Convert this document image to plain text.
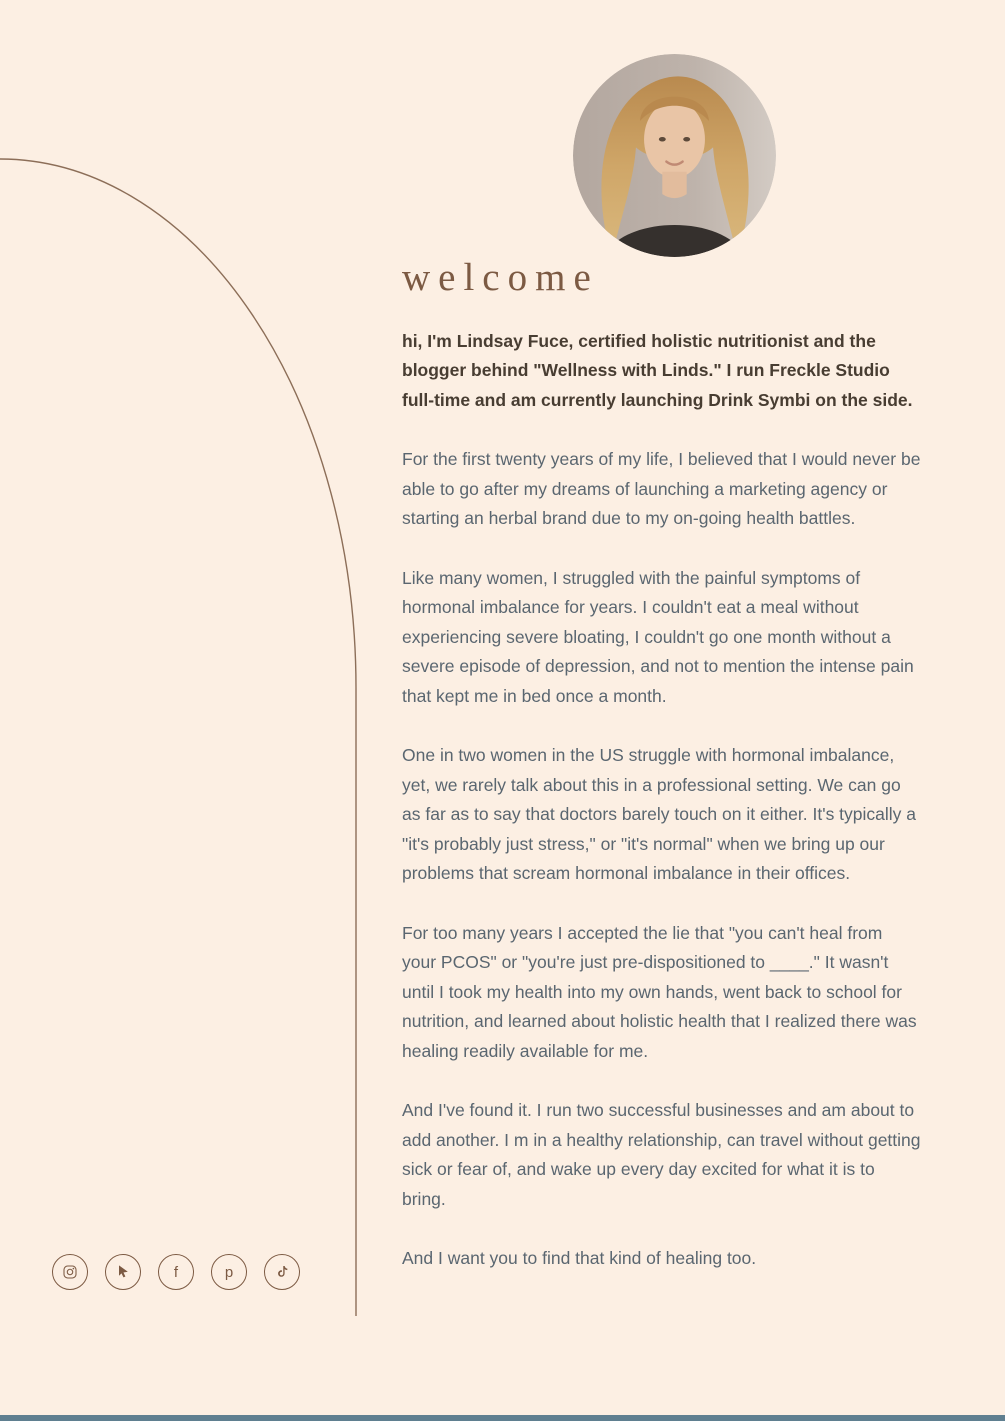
welcome

hi, I'm Lindsay Fuce, certified holistic nutritionist and the blogger behind "Wellness with Linds." I run Freckle Studio full-time and am currently launching Drink Symbi on the side.

For the first twenty years of my life, I believed that I would never be able to go after my dreams of launching a marketing agency or starting an herbal brand due to my on-going health battles.

Like many women, I struggled with the painful symptoms of hormonal imbalance for years. I couldn't eat a meal without experiencing severe bloating, I couldn't go one month without a severe episode of depression, and not to mention the intense pain that kept me in bed once a month.

One in two women in the US struggle with hormonal imbalance, yet, we rarely talk about this in a professional setting. We can go as far as to say that doctors barely touch on it either. It's typically a "it's probably just stress," or "it's normal" when we bring up our problems that scream hormonal imbalance in their offices.

For too many years I accepted the lie that "you can't heal from your PCOS" or "you're just pre-dispositioned to ____." It wasn't until I took my health into my own hands, went back to school for nutrition, and learned about holistic health that I realized there was healing readily available for me.

And I've found it. I run two successful businesses and am about to add another. I m in a healthy relationship, can travel without getting sick or fear of, and wake up every day excited for what it is to bring.

And I want you to find that kind of healing too.

f	p
